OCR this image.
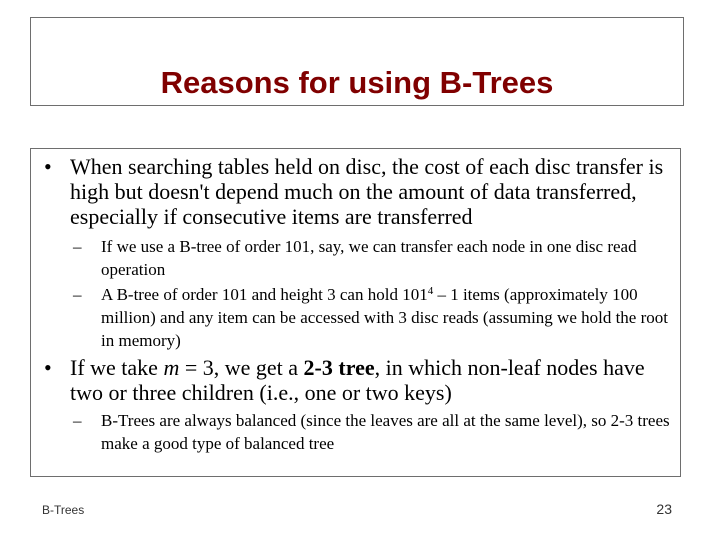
Reasons for using B-Trees

• When searching tables held on disc, the cost of each disc transfer is high but doesn't depend much on the amount of data transferred, especially if consecutive items are transferred

– If we use a B-tree of order 101, say, we can transfer each node in one disc read operation

– A B-tree of order 101 and height 3 can hold $101^4 - 1$ items (approximately 100 million) and any item can be accessed with 3 disc reads (assuming we hold the root in memory)

• If we take m = 3, we get a 2-3 tree, in which non-leaf nodes have two or three children (i.e., one or two keys)

– B-Trees are always balanced (since the leaves are all at the same level), so 2-3 trees make a good type of balanced tree

B-Trees	23
